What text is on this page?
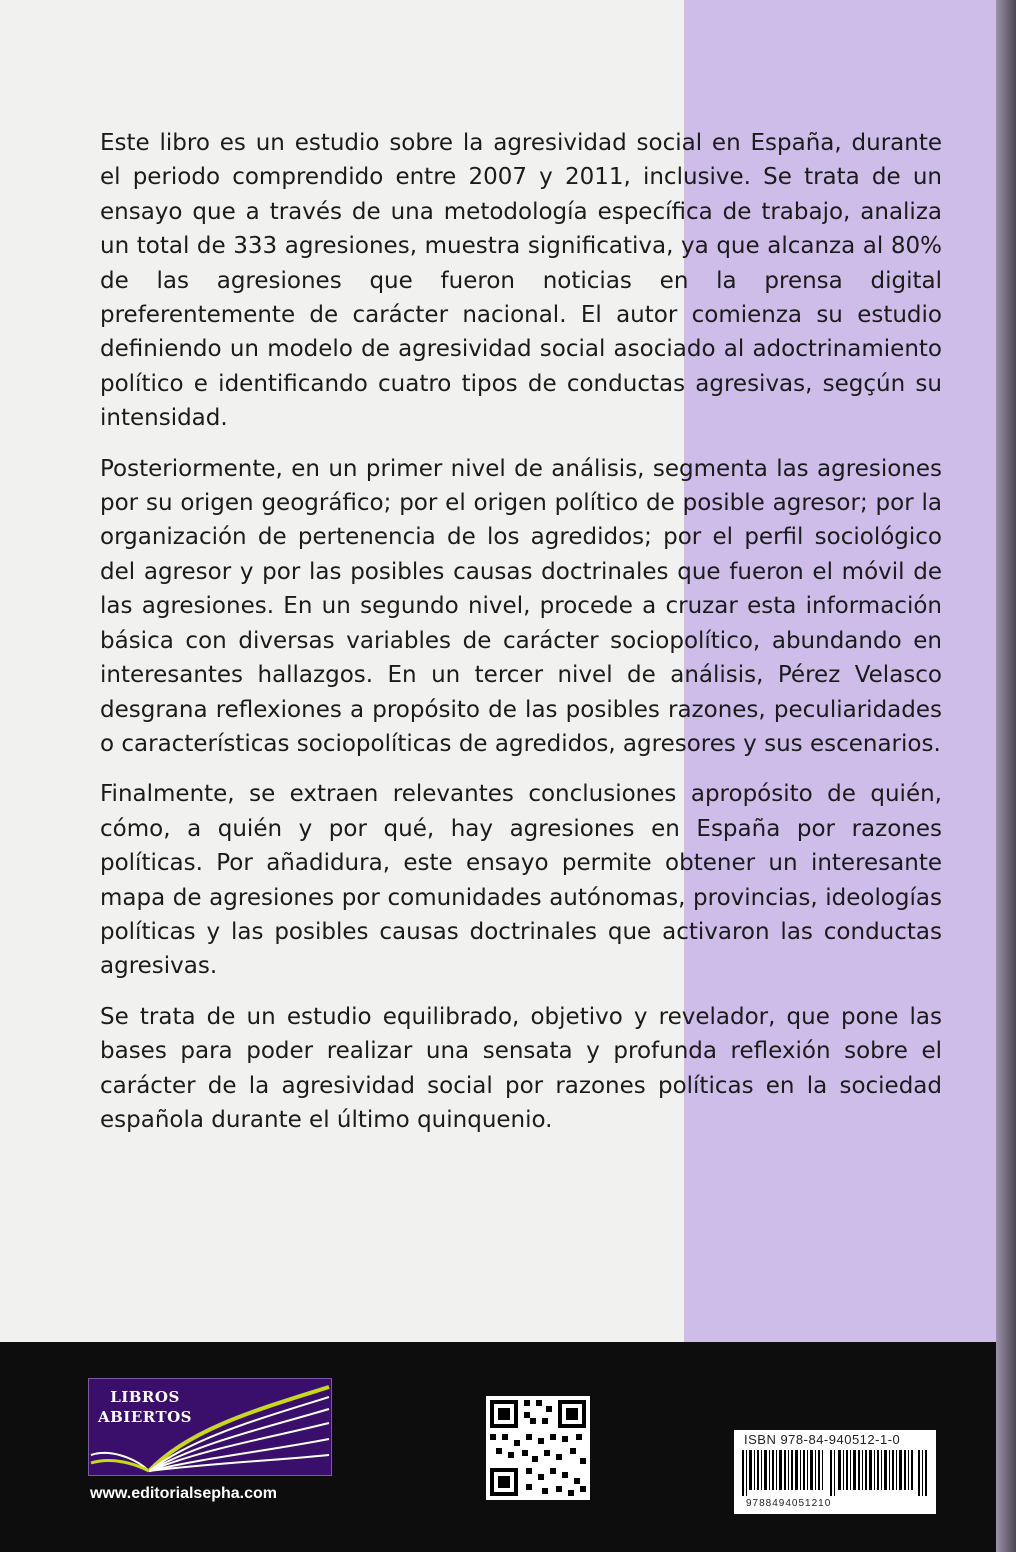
Este libro es un estudio sobre la agresividad social en España, durante el periodo comprendido entre 2007 y 2011, inclusive. Se trata de un ensayo que a través de una metodología específica de trabajo, analiza un total de 333 agresiones, muestra significativa, ya que alcanza al 80% de las agresiones que fueron noticias en la prensa digital preferentemente de carácter nacional. El autor comienza su estudio definiendo un modelo de agresividad social asociado al adoctrinamiento político e identificando cuatro tipos de conductas agresivas, segçún su intensidad.

Posteriormente, en un primer nivel de análisis, segmenta las agresiones por su origen geográfico; por el origen político de posible agresor; por la organización de pertenencia de los agredidos; por el perfil sociológico del agresor y por las posibles causas doctrinales que fueron el móvil de las agresiones. En un segundo nivel, procede a cruzar esta información básica con diversas variables de carácter sociopolítico, abundando en interesantes hallazgos. En un tercer nivel de análisis, Pérez Velasco desgrana reflexiones a propósito de las posibles razones, peculiaridades o características sociopolíticas de agredidos, agresores y sus escenarios.

Finalmente, se extraen relevantes conclusiones apropósito de quién, cómo, a quién y por qué, hay agresiones en España por razones políticas. Por añadidura, este ensayo permite obtener un interesante mapa de agresiones por comunidades autónomas, provincias, ideologías políticas y las posibles causas doctrinales que activaron las conductas agresivas.

Se trata de un estudio equilibrado, objetivo y revelador, que pone las bases para poder realizar una sensata y profunda reflexión sobre el carácter de la agresividad social por razones políticas en la sociedad española durante el último quinquenio.

LIBROS
ABIERTOS
www.editorialsepha.com
ISBN 978-84-940512-1-0
9788494051210
